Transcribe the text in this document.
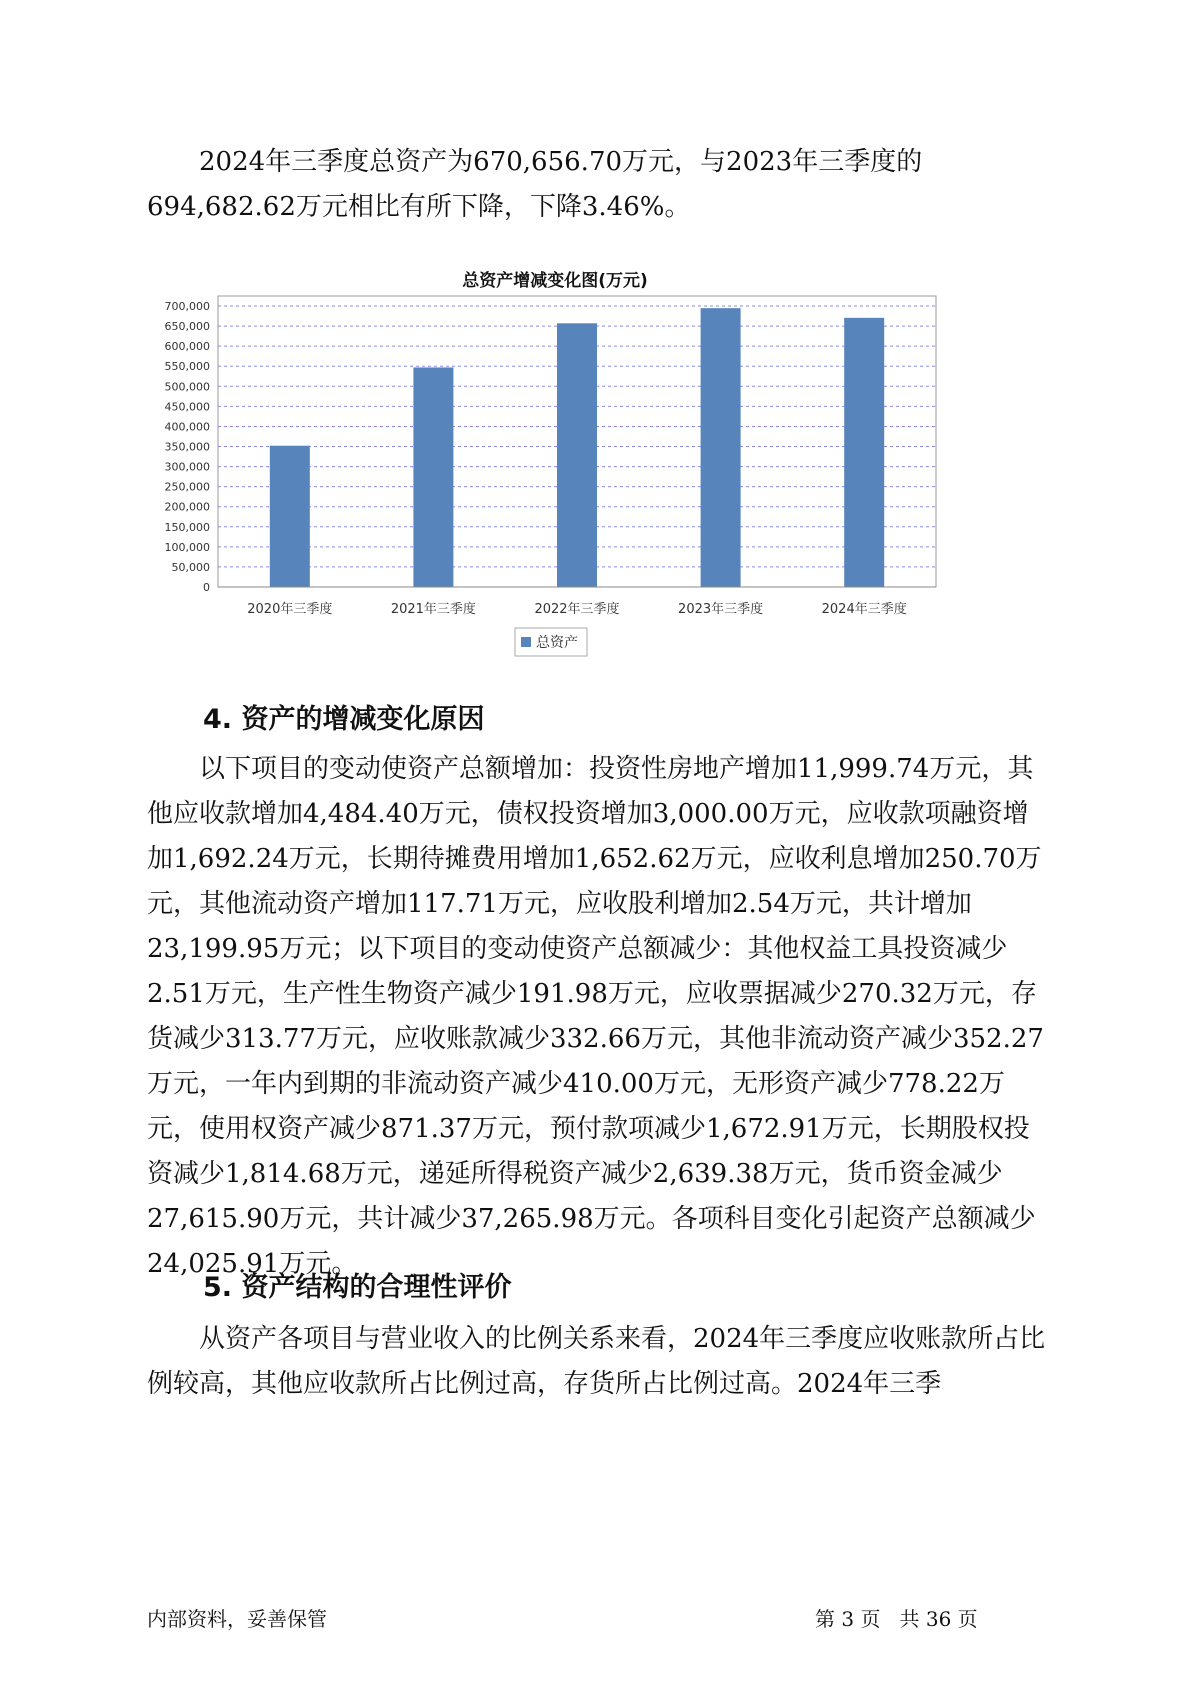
2024年三季度总资产为670,656.70万元，与2023年三季度的694,682.62万元相比有所下降，下降3.46%。

总资产增减变化图(万元)
0
50,000
100,000
150,000
200,000
250,000
300,000
350,000
400,000
450,000
500,000
550,000
600,000
650,000
700,000
2020年三季度	2021年三季度	2022年三季度	2023年三季度	2024年三季度
总资产
4. 资产的增减变化原因

以下项目的变动使资产总额增加：投资性房地产增加11,999.74万元，其他应收款增加4,484.40万元，债权投资增加3,000.00万元，应收款项融资增加1,692.24万元，长期待摊费用增加1,652.62万元，应收利息增加250.70万元，其他流动资产增加117.71万元，应收股利增加2.54万元，共计增加23,199.95万元；以下项目的变动使资产总额减少：其他权益工具投资减少2.51万元，生产性生物资产减少191.98万元，应收票据减少270.32万元，存货减少313.77万元，应收账款减少332.66万元，其他非流动资产减少352.27万元，一年内到期的非流动资产减少410.00万元，无形资产减少778.22万元，使用权资产减少871.37万元，预付款项减少1,672.91万元，长期股权投资减少1,814.68万元，递延所得税资产减少2,639.38万元，货币资金减少27,615.90万元，共计减少37,265.98万元。各项科目变化引起资产总额减少24,025.91万元。

5. 资产结构的合理性评价

从资产各项目与营业收入的比例关系来看，2024年三季度应收账款所占比例较高，其他应收款所占比例过高，存货所占比例过高。2024年三季

内部资料，妥善保管	第 3 页   共 36 页
